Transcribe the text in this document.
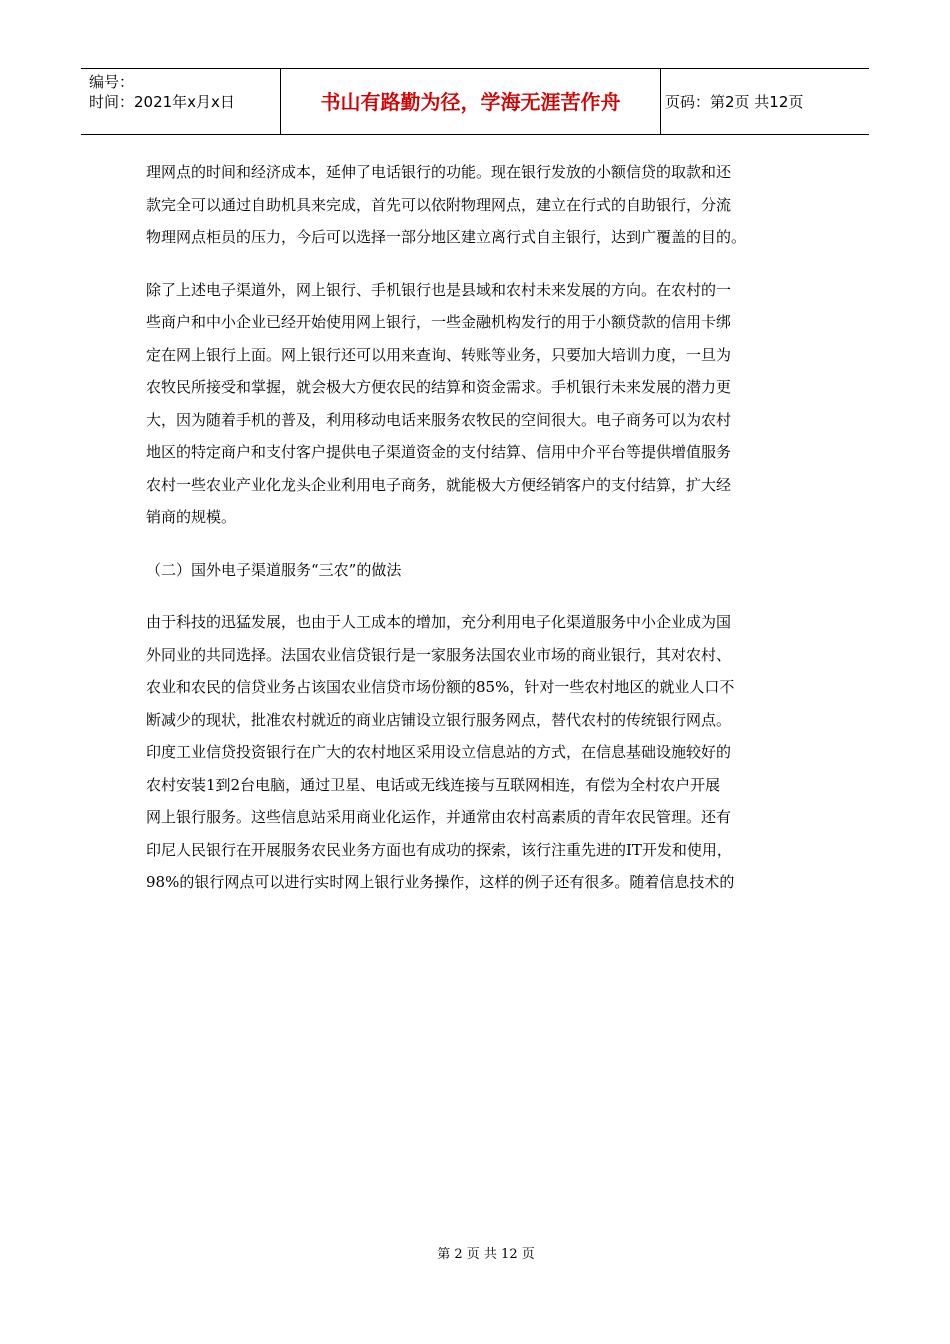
编号：
时间：2021年x月x日	书山有路勤为径，学海无涯苦作舟	页码：第2页 共12页

理网点的时间和经济成本，延伸了电话银行的功能。现在银行发放的小额信贷的取款和还
款完全可以通过自助机具来完成，首先可以依附物理网点，建立在行式的自助银行，分流
物理网点柜员的压力，今后可以选择一部分地区建立离行式自主银行，达到广覆盖的目的。

除了上述电子渠道外，网上银行、手机银行也是县域和农村未来发展的方向。在农村的一
些商户和中小企业已经开始使用网上银行，一些金融机构发行的用于小额贷款的信用卡绑
定在网上银行上面。网上银行还可以用来查询、转账等业务，只要加大培训力度，一旦为
农牧民所接受和掌握，就会极大方便农民的结算和资金需求。手机银行未来发展的潜力更
大，因为随着手机的普及，利用移动电话来服务农牧民的空间很大。电子商务可以为农村
地区的特定商户和支付客户提供电子渠道资金的支付结算、信用中介平台等提供增值服务
农村一些农业产业化龙头企业利用电子商务，就能极大方便经销客户的支付结算，扩大经
销商的规模。

（二）国外电子渠道服务“三农”的做法

由于科技的迅猛发展，也由于人工成本的增加，充分利用电子化渠道服务中小企业成为国
外同业的共同选择。法国农业信贷银行是一家服务法国农业市场的商业银行，其对农村、
农业和农民的信贷业务占该国农业信贷市场份额的85%，针对一些农村地区的就业人口不
断减少的现状，批准农村就近的商业店铺设立银行服务网点，替代农村的传统银行网点。
印度工业信贷投资银行在广大的农村地区采用设立信息站的方式，在信息基础设施较好的
农村安装1到2台电脑，通过卫星、电话或无线连接与互联网相连，有偿为全村农户开展
网上银行服务。这些信息站采用商业化运作，并通常由农村高素质的青年农民管理。还有
印尼人民银行在开展服务农民业务方面也有成功的探索，该行注重先进的IT开发和使用，
98%的银行网点可以进行实时网上银行业务操作，这样的例子还有很多。随着信息技术的

第 2 页 共 12 页
